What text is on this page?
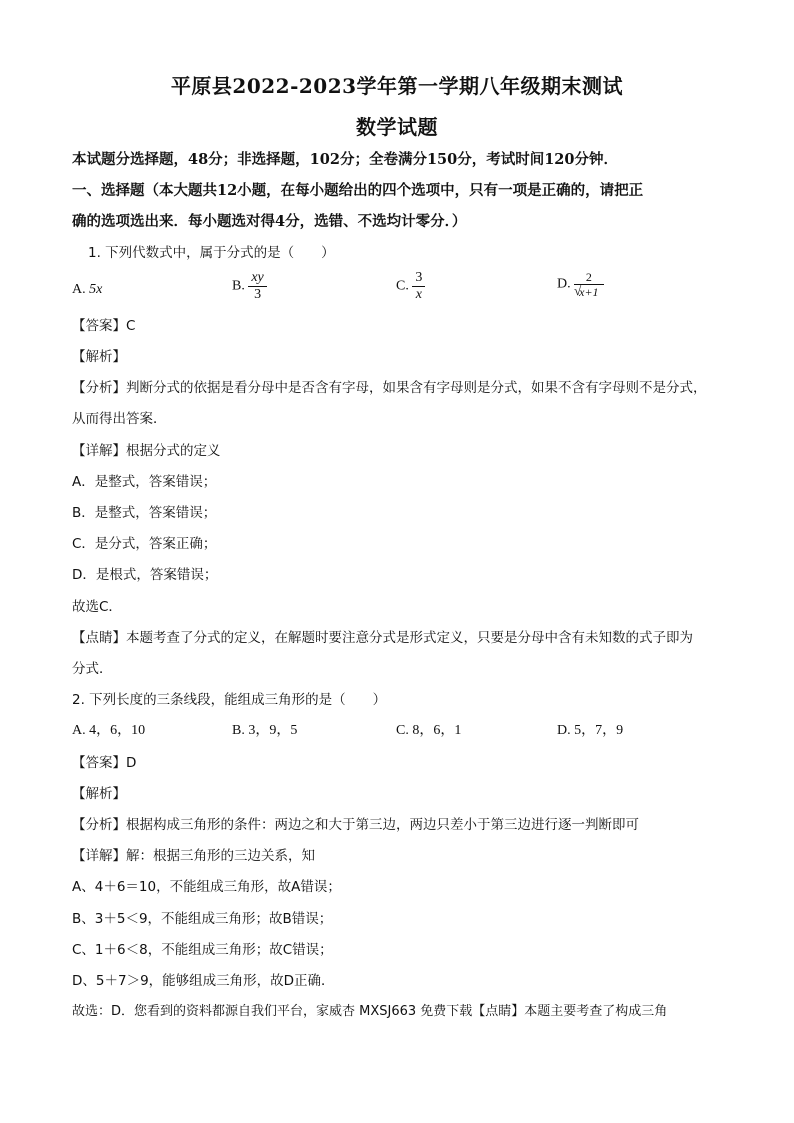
平原县2022-2023学年第一学期八年级期末测试
数学试题
本试题分选择题，48分；非选择题，102分；全卷满分150分，考试时间120分钟．
一、选择题（本大题共12小题，在每小题给出的四个选项中，只有一项是正确的，请把正
确的选项选出来．每小题选对得4分，选错、不选均计零分．）
1. 下列代数式中，属于分式的是（　　）
A. 5x	B. $\frac{xy}{3}$	C. $\frac{3}{x}$	D. 2
√
x+1
【答案】C
【解析】
【分析】判断分式的依据是看分母中是否含有字母，如果含有字母则是分式，如果不含有字母则不是分式，
从而得出答案．
【详解】根据分式的定义
A．是整式，答案错误；
B．是整式，答案错误；
C．是分式，答案正确；
D．是根式，答案错误；
故选C．
【点睛】本题考查了分式的定义，在解题时要注意分式是形式定义，只要是分母中含有未知数的式子即为
分式．
2. 下列长度的三条线段，能组成三角形的是（　　）
A. 4，6，10	B. 3，9，5	C. 8，6，1	D. 5，7，9
【答案】D
【解析】
【分析】根据构成三角形的条件：两边之和大于第三边，两边只差小于第三边进行逐一判断即可
【详解】解：根据三角形的三边关系，知
A、4＋6＝10，不能组成三角形，故A错误；
B、3＋5＜9，不能组成三角形；故B错误；
C、1＋6＜8，不能组成三角形；故C错误；
D、5＋7＞9，能够组成三角形，故D正确．
故选：D．您看到的资料都源自我们平台，家威杏 MXSJ663 免费下载【点睛】本题主要考查了构成三角
